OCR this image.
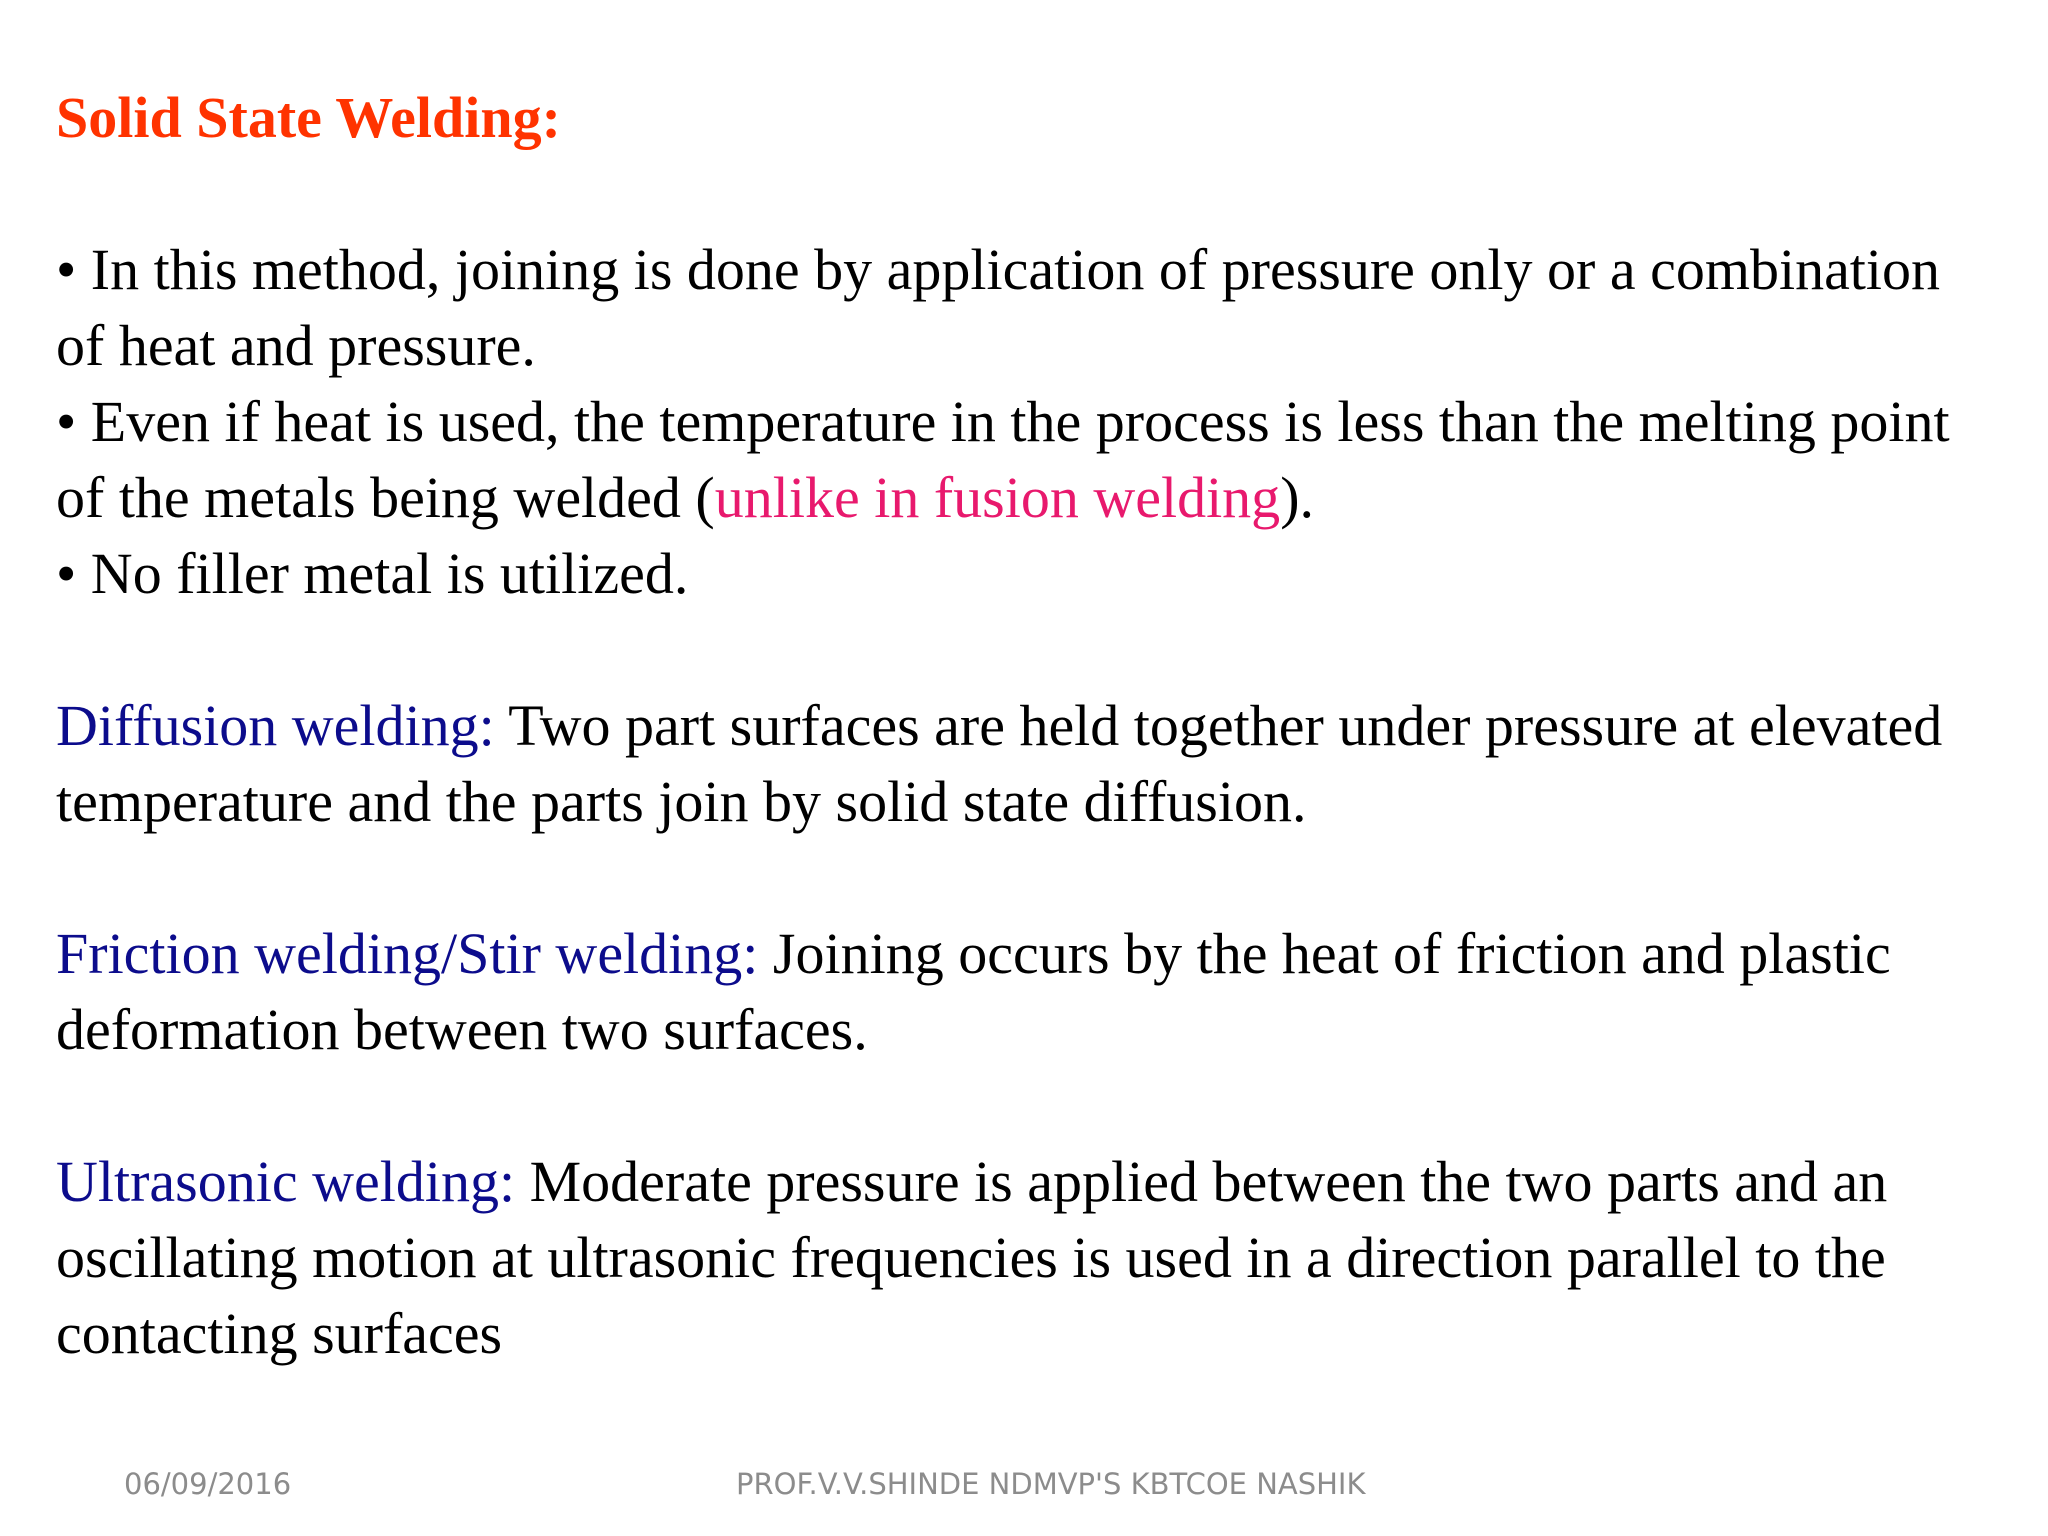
Solid State Welding:

• In this method, joining is done by application of pressure only or a combination of heat and pressure.

• Even if heat is used, the temperature in the process is less than the melting point of the metals being welded (unlike in fusion welding).

• No filler metal is utilized.

Diffusion welding: Two part surfaces are held together under pressure at elevated temperature and the parts join by solid state diffusion.

Friction welding/Stir welding: Joining occurs by the heat of friction and plastic deformation between two surfaces.

Ultrasonic welding: Moderate pressure is applied between the two parts and an oscillating motion at ultrasonic frequencies is used in a direction parallel to the contacting surfaces

06/09/2016	PROF.V.V.SHINDE NDMVP'S KBTCOE NASHIK
